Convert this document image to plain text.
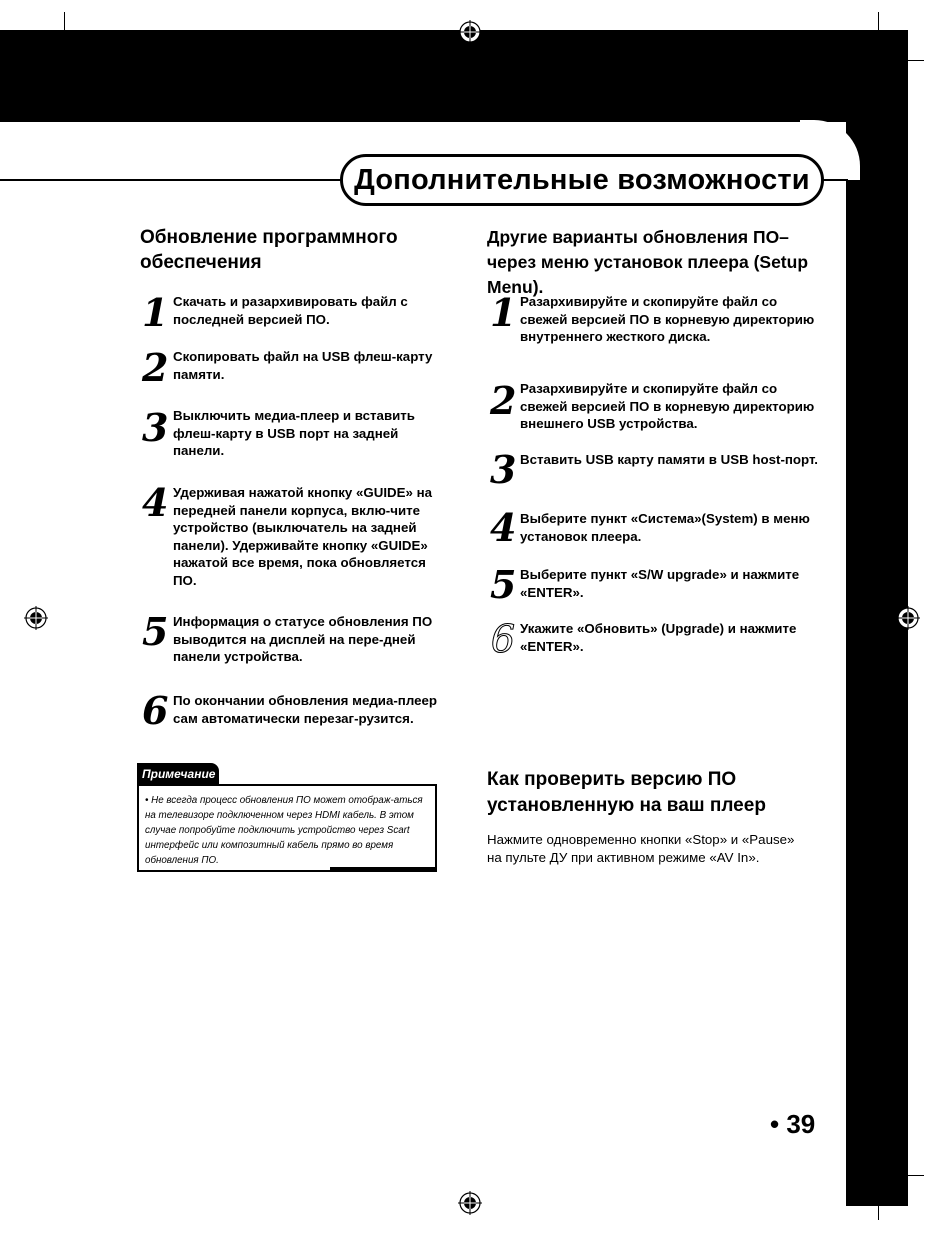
Дополнительные возможности
Обновление программного обеспечения
1 Скачать и разархивировать файл с последней версией ПО.
2 Скопировать файл на USB флеш-карту памяти.
3 Выключить медиа-плеер и вставить флеш-карту в USB порт на задней панели.
4 Удерживая нажатой кнопку «GUIDE» на передней панели корпуса, вклю-чите устройство (выключатель на задней панели). Удерживайте кнопку «GUIDE» нажатой все время, пока обновляется ПО.
5 Информация о статусе обновления ПО выводится на дисплей на пере-дней панели устройства.
6 По окончании обновления медиа-плеер сам автоматически перезаг-рузится.
Примечание
• Не всегда процесс обновления ПО может отображ-аться на телевизоре подключенном через HDMI кабель. В этом случае попробуйте подключить устройство через Scart интерфейс или композитный кабель прямо во время обновления ПО.
Другие варианты обновления ПО–через меню установок плеера (Setup Menu).
1 Разархивируйте и скопируйте файл со свежей версией ПО в корневую директорию внутреннего жесткого диска.
2 Разархивируйте и скопируйте файл со свежей версией ПО в корневую директорию внешнего USB устройства.
3 Вставить USB карту памяти в USB host-порт.
4 Выберите пункт «Система»(System) в меню установок плеера.
5 Выберите пункт «S/W upgrade» и нажмите «ENTER».
6 Укажите «Обновить» (Upgrade) и нажмите «ENTER».
Как проверить версию ПО установленную на ваш плеер
Нажмите одновременно кнопки «Stop» и «Pause» на пульте ДУ при активном режиме «AV In».
• 39
